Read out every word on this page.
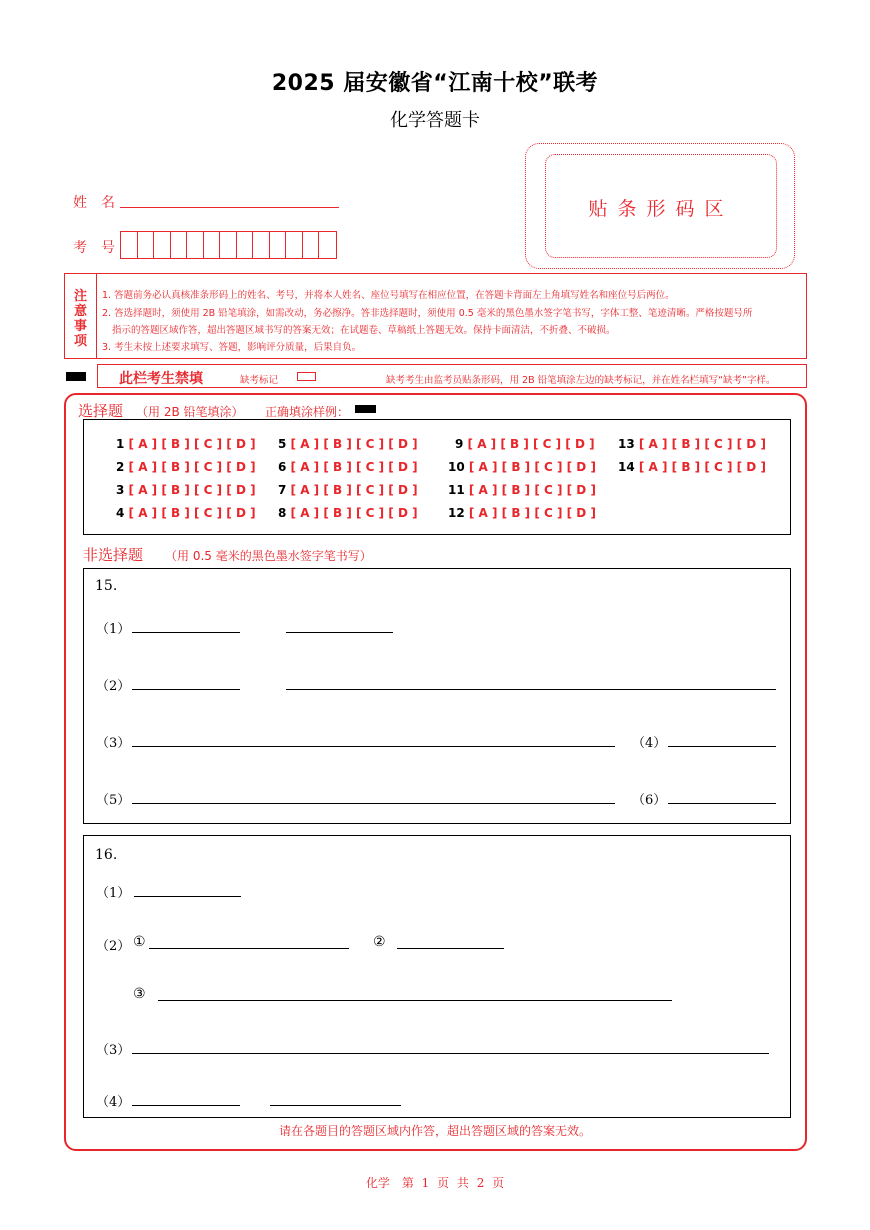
2025 届安徽省“江南十校”联考
化学答题卡
贴条形码区
姓　名
考　号
注
意
事
项
1. 答题前务必认真核准条形码上的姓名、考号，并将本人姓名、座位号填写在相应位置，在答题卡背面左上角填写姓名和座位号后两位。
2. 答选择题时，须使用 2B 铅笔填涂，如需改动，务必擦净。答非选择题时，须使用 0.5 毫米的黑色墨水签字笔书写，字体工整、笔迹清晰。严格按题号所
指示的答题区域作答，超出答题区域书写的答案无效；在试题卷、草稿纸上答题无效。保持卡面清洁，不折叠、不破损。
3. 考生未按上述要求填写、答题，影响评分质量，后果自负。
此栏考生禁填	缺考标记	缺考考生由监考员贴条形码，用 2B 铅笔填涂左边的缺考标记，并在姓名栏填写“缺考”字样。
选择题 （用 2B 铅笔填涂） 正确填涂样例：
1 [ A ] [ B ] [ C ] [ D ]
2 [ A ] [ B ] [ C ] [ D ]
3 [ A ] [ B ] [ C ] [ D ]
4 [ A ] [ B ] [ C ] [ D ]
5 [ A ] [ B ] [ C ] [ D ]
6 [ A ] [ B ] [ C ] [ D ]
7 [ A ] [ B ] [ C ] [ D ]
8 [ A ] [ B ] [ C ] [ D ]
9 [ A ] [ B ] [ C ] [ D ]
10 [ A ] [ B ] [ C ] [ D ]
11 [ A ] [ B ] [ C ] [ D ]
12 [ A ] [ B ] [ C ] [ D ]
13 [ A ] [ B ] [ C ] [ D ]
14 [ A ] [ B ] [ C ] [ D ]
非选择题 （用 0.5 毫米的黑色墨水签字笔书写）
15.
（1）
（2）
（3）	（4）
（5）	（6）
16.
（1）
（2） ①	②
③
（3）
（4）
请在各题目的答题区域内作答，超出答题区域的答案无效。
化学　第 1 页 共 2 页
